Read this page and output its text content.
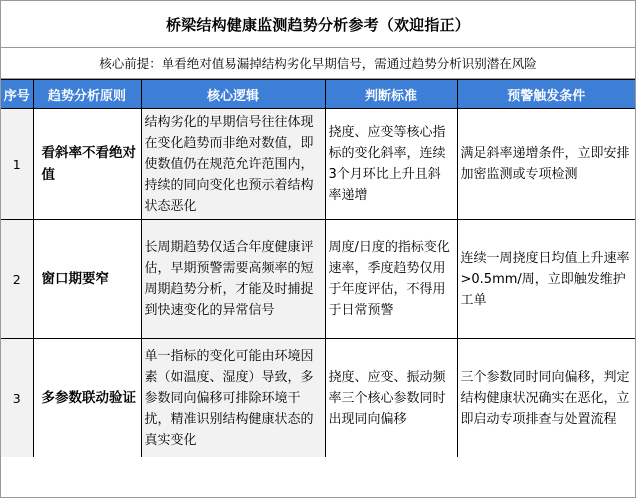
桥梁结构健康监测趋势分析参考（欢迎指正）
核心前提：单看绝对值易漏掉结构劣化早期信号，需通过趋势分析识别潜在风险
序号	趋势分析原则	核心逻辑	判断标准	预警触发条件
1	看斜率不看绝对值	结构劣化的早期信号往往体现在变化趋势而非绝对数值，即使数值仍在规范允许范围内，持续的同向变化也预示着结构状态恶化	挠度、应变等核心指标的变化斜率，连续3个月环比上升且斜率递增	满足斜率递增条件，立即安排加密监测或专项检测

2	窗口期要窄	长周期趋势仅适合年度健康评估，早期预警需要高频率的短周期趋势分析，才能及时捕捉到快速变化的异常信号	周度/日度的指标变化速率，季度趋势仅用于年度评估，不得用于日常预警	连续一周挠度日均值上升速率>0.5mm/周，立即触发维护工单

3	多参数联动验证	单一指标的变化可能由环境因素（如温度、湿度）导致，多参数同向偏移可排除环境干扰，精准识别结构健康状态的真实变化	挠度、应变、振动频率三个核心参数同时出现同向偏移	三个参数同时同向偏移，判定结构健康状况确实在恶化，立即启动专项排查与处置流程
